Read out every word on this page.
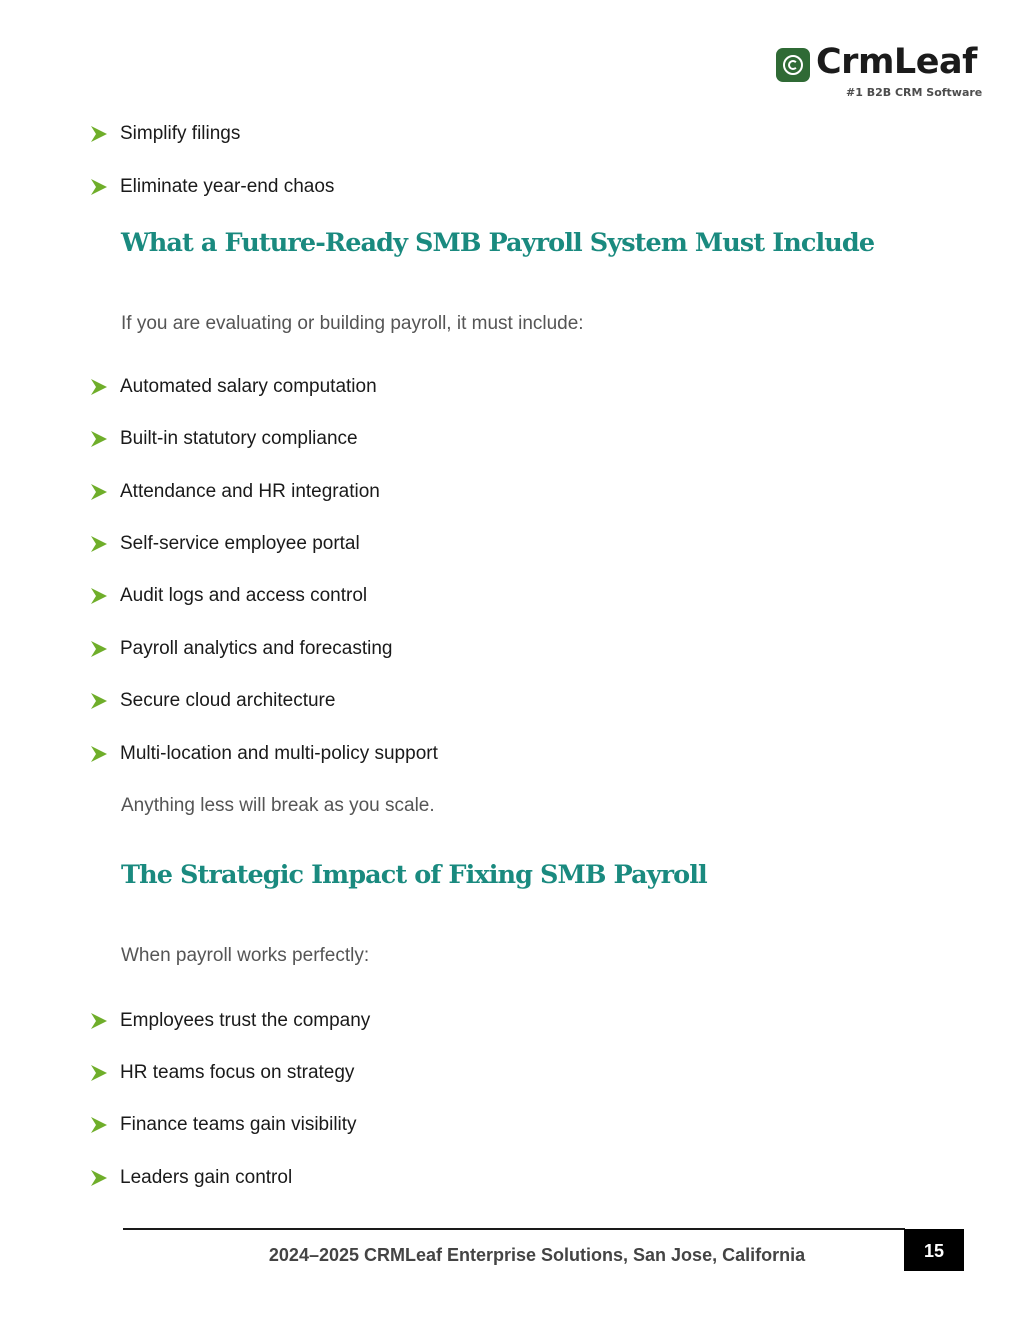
CrmLeaf
#1 B2B CRM Software
Simplify filings
Eliminate year-end chaos
What a Future-Ready SMB Payroll System Must Include
If you are evaluating or building payroll, it must include:
Automated salary computation
Built-in statutory compliance
Attendance and HR integration
Self-service employee portal
Audit logs and access control
Payroll analytics and forecasting
Secure cloud architecture
Multi-location and multi-policy support
Anything less will break as you scale.
The Strategic Impact of Fixing SMB Payroll
When payroll works perfectly:
Employees trust the company
HR teams focus on strategy
Finance teams gain visibility
Leaders gain control
2024–2025 CRMLeaf Enterprise Solutions, San Jose, California	15
